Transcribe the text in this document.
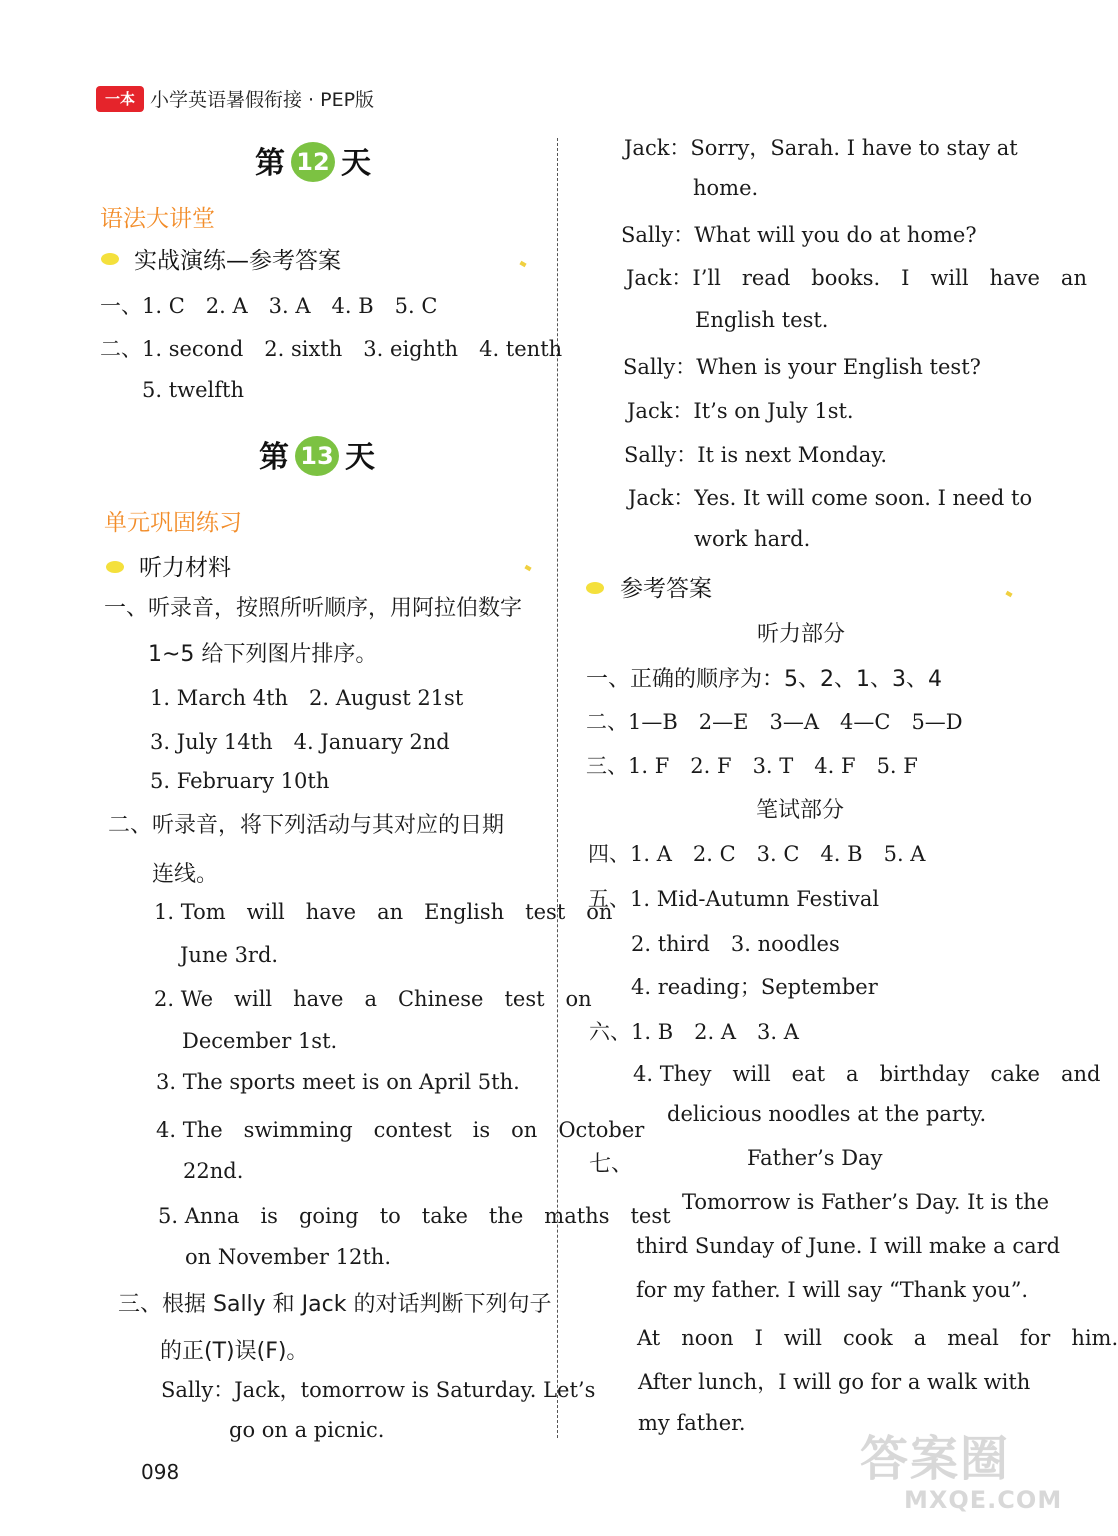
一本 小学英语暑假衔接 · PEP版
第 12 天
语法大讲堂
实战演练—参考答案
一、1. C　2. A　3. A　4. B　5. C
二、1. second　2. sixth　3. eighth　4. tenth
5. twelfth
第 13 天
单元巩固练习
听力材料
一、听录音，按照所听顺序，用阿拉伯数字
1~5 给下列图片排序。
1. March 4th　2. August 21st
3. July 14th　4. January 2nd
5. February 10th
二、听录音，将下列活动与其对应的日期
连线。
1. Tom　will　have　an　English　test　on
June 3rd.
2. We　will　have　a　Chinese　test　on
December 1st.
3. The sports meet is on April 5th.
4. The　swimming　contest　is　on　October
22nd.
5. Anna　is　going　to　take　the　maths　test
on November 12th.
三、根据 Sally 和 Jack 的对话判断下列句子
的正(T)误(F)。
Sally：Jack，tomorrow is Saturday. Let’s
go on a picnic.
098
Jack：Sorry，Sarah. I have to stay at
home.
Sally：What will you do at home?
Jack：I’ll　read　books.　I　will　have　an
English test.
Sally：When is your English test?
Jack：It’s on July 1st.
Sally：It is next Monday.
Jack：Yes. It will come soon. I need to
work hard.
参考答案
听力部分
一、正确的顺序为：5、2、1、3、4
二、1—B　2—E　3—A　4—C　5—D
三、1. F　2. F　3. T　4. F　5. F
笔试部分
四、1. A　2. C　3. C　4. B　5. A
五、1. Mid-Autumn Festival
2. third　3. noodles
4. reading；September
六、1. B　2. A　3. A
4. They　will　eat　a　birthday　cake　and
delicious noodles at the party.
七、	Father’s Day
Tomorrow is Father’s Day. It is the
third Sunday of June. I will make a card
for my father. I will say “Thank you”.
At　noon　I　will　cook　a　meal　for　him.
After lunch，I will go for a walk with
my father.
答案圈
MXQE.COM
